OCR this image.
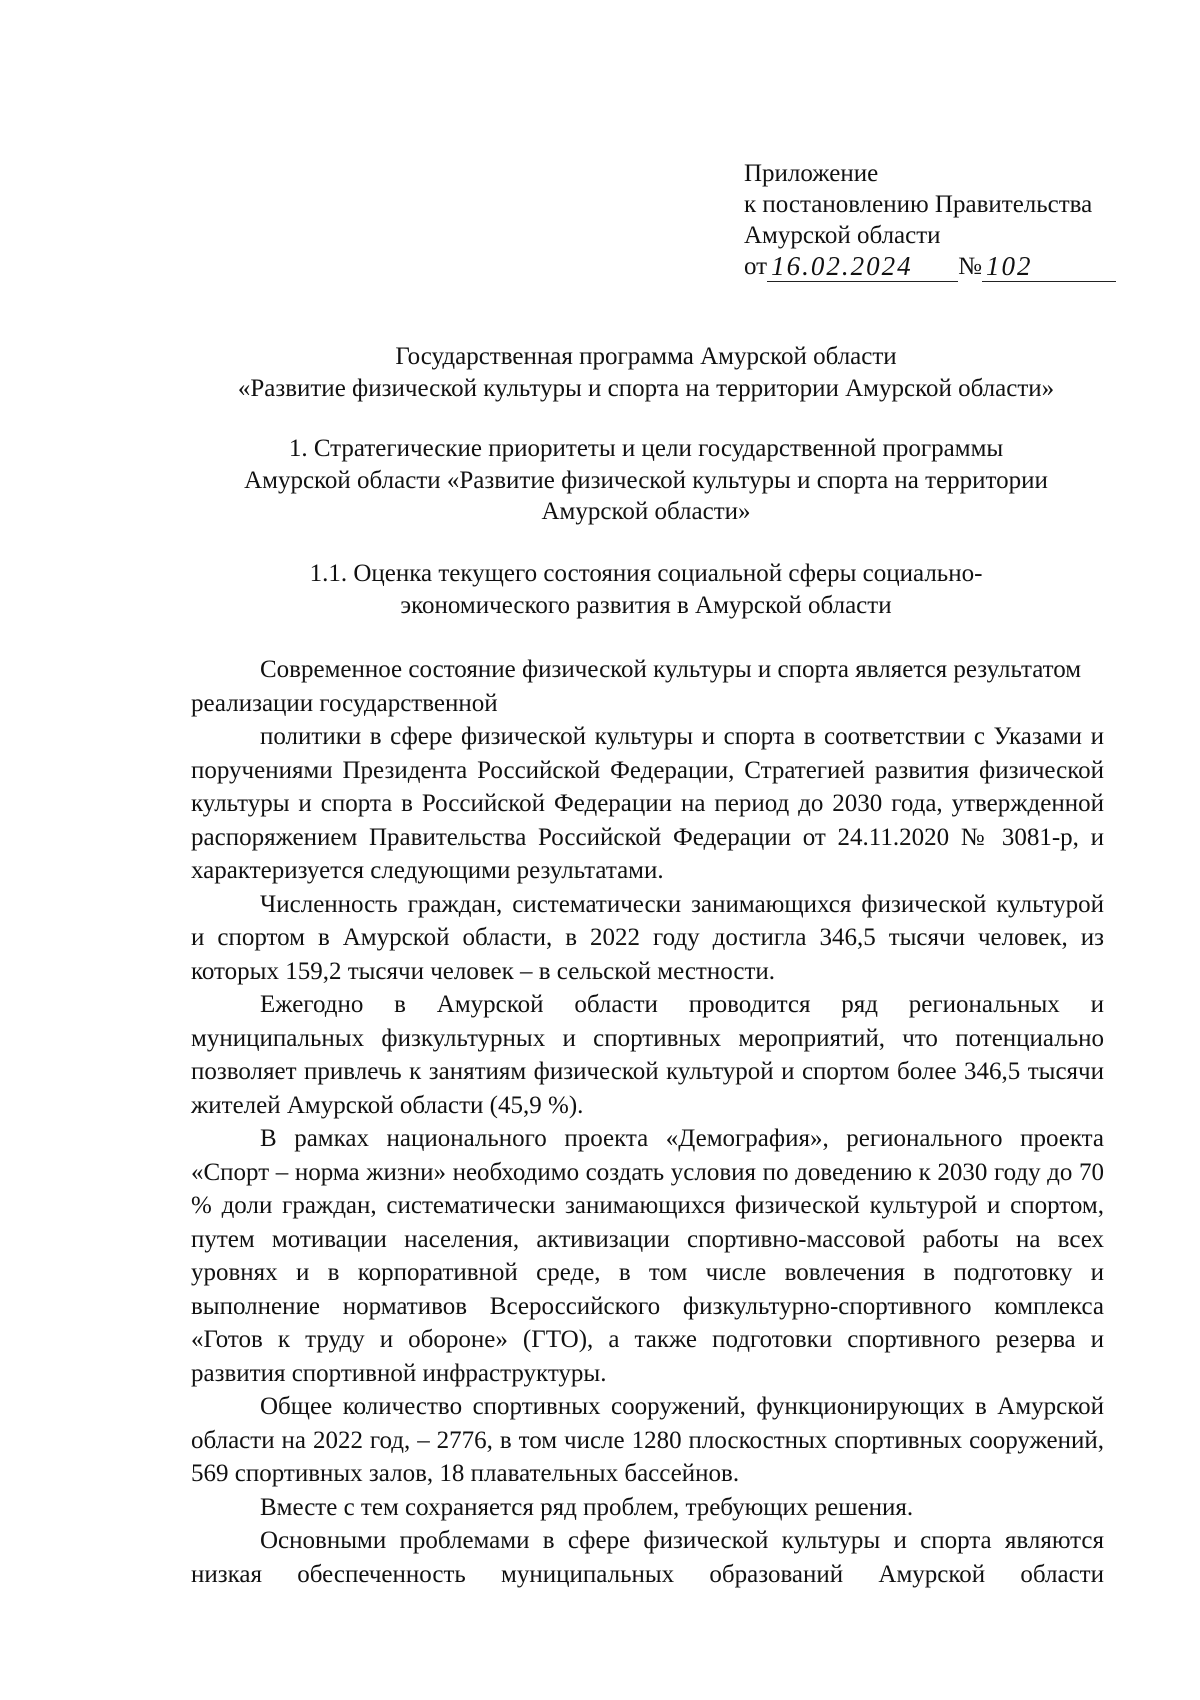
Приложение
к постановлению Правительства
Амурской области
от 16.02.2024 № 102
Государственная программа Амурской области
«Развитие физической культуры и спорта на территории Амурской области»
1. Стратегические приоритеты и цели государственной программы
Амурской области «Развитие физической культуры и спорта на территории
Амурской области»
1.1. Оценка текущего состояния социальной сферы социально-
экономического развития в Амурской области

Современное состояние физической культуры и спорта является результатом реализации государственной

политики в сфере физической культуры и спорта в соответствии с Указами и поручениями Президента Российской Федерации, Стратегией развития физической культуры и спорта в Российской Федерации на период до 2030 года, утвержденной распоряжением Правительства Российской Федерации от 24.11.2020 № 3081-р, и характеризуется следующими результатами.

Численность граждан, систематически занимающихся физической культурой и спортом в Амурской области, в 2022 году достигла 346,5 тысячи человек, из которых 159,2 тысячи человек – в сельской местности.

Ежегодно в Амурской области проводится ряд региональных и муниципальных физкультурных и спортивных мероприятий, что потенциально позволяет привлечь к занятиям физической культурой и спортом более 346,5 тысячи жителей Амурской области (45,9 %).

В рамках национального проекта «Демография», регионального проекта «Спорт – норма жизни» необходимо создать условия по доведению к 2030 году до 70 % доли граждан, систематически занимающихся физической культурой и спортом, путем мотивации населения, активизации спортивно-массовой работы на всех уровнях и в корпоративной среде, в том числе вовлечения в подготовку и выполнение нормативов Всероссийского физкультурно-спортивного комплекса «Готов к труду и обороне» (ГТО), а также подготовки спортивного резерва и развития спортивной инфраструктуры.

Общее количество спортивных сооружений, функционирующих в Амурской области на 2022 год, – 2776, в том числе 1280 плоскостных спортивных сооружений, 569 спортивных залов, 18 плавательных бассейнов.

Вместе с тем сохраняется ряд проблем, требующих решения.

Основными проблемами в сфере физической культуры и спорта являются низкая обеспеченность муниципальных образований Амурской области
